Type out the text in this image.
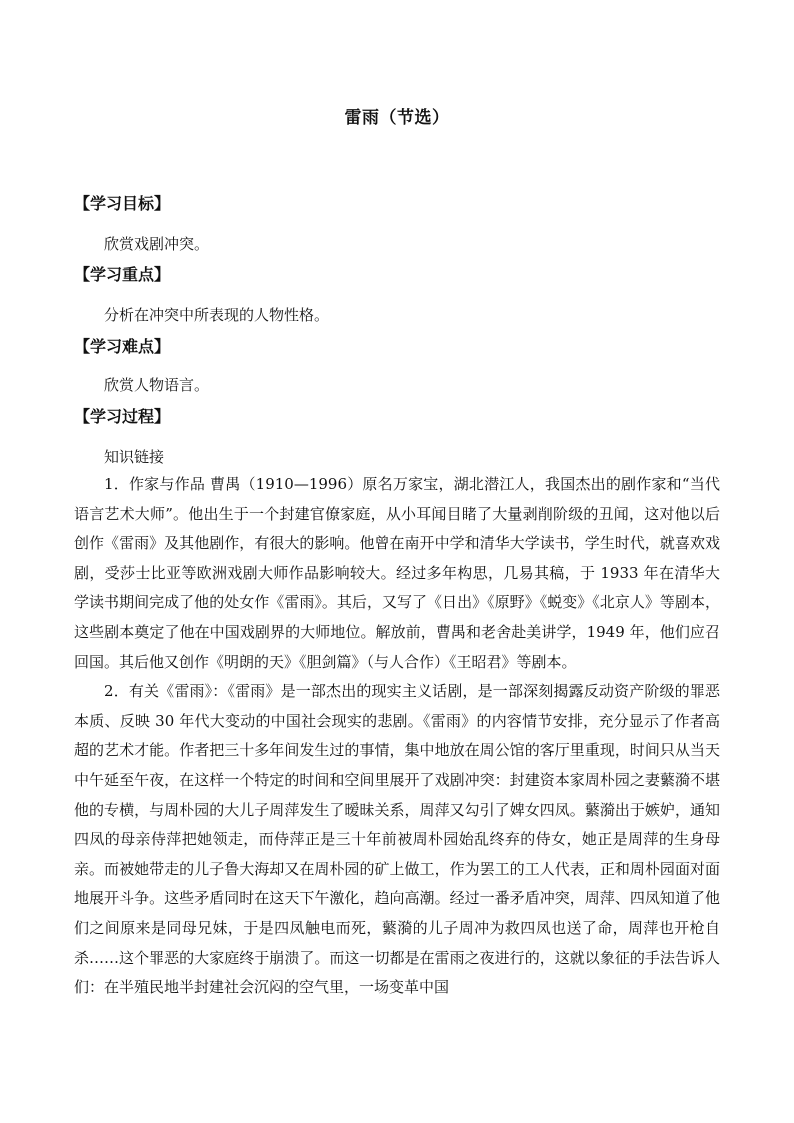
雷雨（节选）
【学习目标】
欣赏戏剧冲突。
【学习重点】
分析在冲突中所表现的人物性格。
【学习难点】
欣赏人物语言。
【学习过程】
知识链接

1．作家与作品 曹禺（1910—1996）原名万家宝，湖北潜江人，我国杰出的剧作家和“当代语言艺术大师”。他出生于一个封建官僚家庭，从小耳闻目睹了大量剥削阶级的丑闻，这对他以后创作《雷雨》及其他剧作，有很大的影响。他曾在南开中学和清华大学读书，学生时代，就喜欢戏剧，受莎士比亚等欧洲戏剧大师作品影响较大。经过多年构思，几易其稿，于 1933 年在清华大学读书期间完成了他的处女作《雷雨》。其后，又写了《日出》《原野》《蜕变》《北京人》等剧本，这些剧本奠定了他在中国戏剧界的大师地位。解放前，曹禺和老舍赴美讲学，1949 年，他们应召回国。其后他又创作《明朗的天》《胆剑篇》（与人合作）《王昭君》等剧本。

2．有关《雷雨》：《雷雨》是一部杰出的现实主义话剧，是一部深刻揭露反动资产阶级的罪恶本质、反映 30 年代大变动的中国社会现实的悲剧。《雷雨》的内容情节安排，充分显示了作者高超的艺术才能。作者把三十多年间发生过的事情，集中地放在周公馆的客厅里重现，时间只从当天中午延至午夜，在这样一个特定的时间和空间里展开了戏剧冲突：封建资本家周朴园之妻蘩漪不堪他的专横，与周朴园的大儿子周萍发生了暧昧关系，周萍又勾引了婢女四凤。蘩漪出于嫉妒，通知四凤的母亲侍萍把她领走，而侍萍正是三十年前被周朴园始乱终弃的侍女，她正是周萍的生身母亲。而被她带走的儿子鲁大海却又在周朴园的矿上做工，作为罢工的工人代表，正和周朴园面对面地展开斗争。这些矛盾同时在这天下午激化，趋向高潮。经过一番矛盾冲突，周萍、四凤知道了他们之间原来是同母兄妹，于是四凤触电而死，蘩漪的儿子周冲为救四凤也送了命，周萍也开枪自杀……这个罪恶的大家庭终于崩溃了。而这一切都是在雷雨之夜进行的，这就以象征的手法告诉人们：在半殖民地半封建社会沉闷的空气里，一场变革中国
